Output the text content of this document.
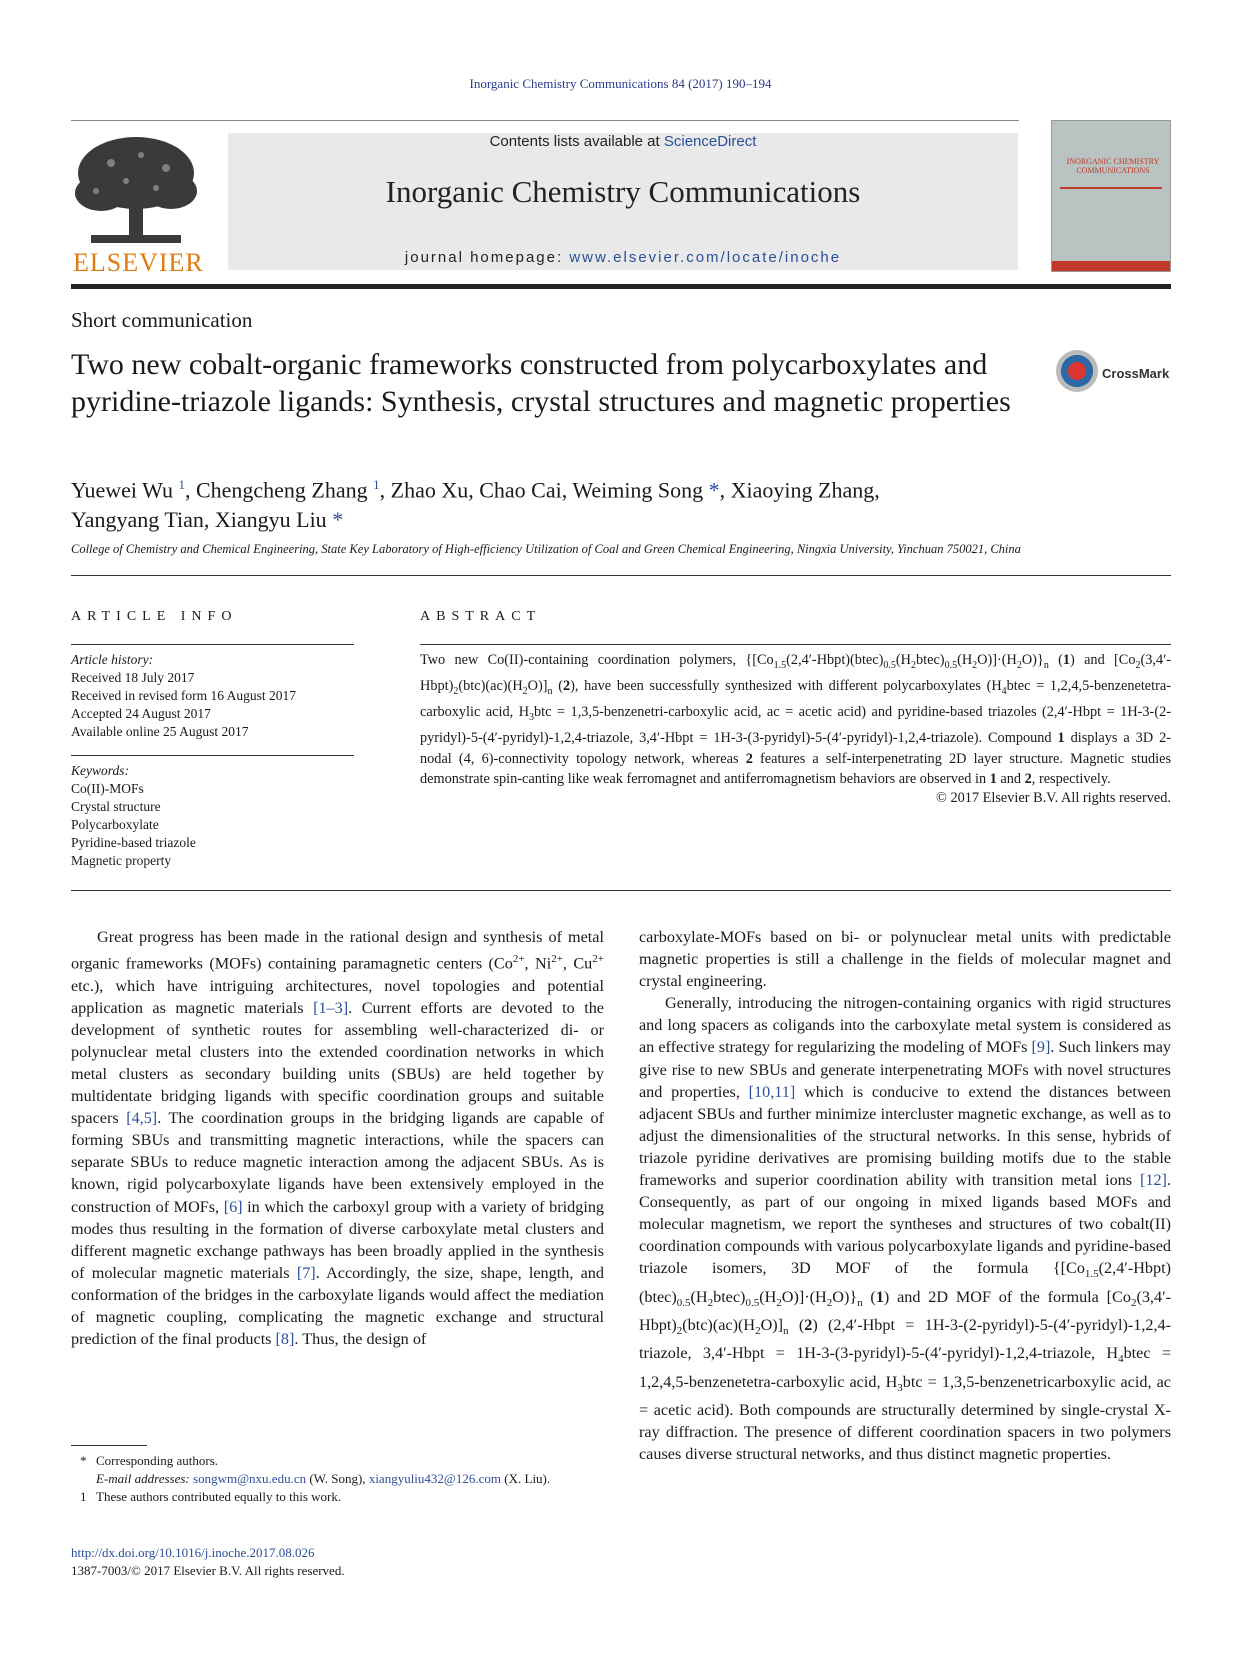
Inorganic Chemistry Communications 84 (2017) 190–194
ELSEVIER
Contents lists available at ScienceDirect
Inorganic Chemistry Communications
journal homepage: www.elsevier.com/locate/inoche
INORGANIC CHEMISTRY COMMUNICATIONS
Short communication
Two new cobalt-organic frameworks constructed from polycarboxylates and pyridine-triazole ligands: Synthesis, crystal structures and magnetic properties
CrossMark
Yuewei Wu $^1$, Chengcheng Zhang $^1$, Zhao Xu, Chao Cai, Weiming Song *, Xiaoying Zhang,
Yangyang Tian, Xiangyu Liu *
College of Chemistry and Chemical Engineering, State Key Laboratory of High-efficiency Utilization of Coal and Green Chemical Engineering, Ningxia University, Yinchuan 750021, China
ARTICLE INFO	ABSTRACT
Article history:
Received 18 July 2017
Received in revised form 16 August 2017
Accepted 24 August 2017
Available online 25 August 2017
Keywords:
Co(II)-MOFs
Crystal structure
Polycarboxylate
Pyridine-based triazole
Magnetic property
Two new Co(II)-containing coordination polymers, $\{[Co_{1.5}(2,4'-Hbpt)(btec)_{0.5}(H_2btec)_{0.5}(H_2O)]\cdot(H_2O)\}_n$ (1) and $[Co_2(3,4'-Hbpt)_2(btc)(ac)(H_2O)]_n$ (2), have been successfully synthesized with different polycarboxylates ($H_4btec$ = 1,2,4,5-benzenetetra-carboxylic acid, $H_3btc$ = 1,3,5-benzenetri-carboxylic acid, ac = acetic acid) and pyridine-based triazoles (2,4′-Hbpt = 1H-3-(2-pyridyl)-5-(4′-pyridyl)-1,2,4-triazole, 3,4′-Hbpt = 1H-3-(3-pyridyl)-5-(4′-pyridyl)-1,2,4-triazole). Compound 1 displays a 3D 2-nodal (4, 6)-connectivity topology network, whereas 2 features a self-interpenetrating 2D layer structure. Magnetic studies demonstrate spin-canting like weak ferromagnet and antiferromagnetism behaviors are observed in 1 and 2, respectively.
© 2017 Elsevier B.V. All rights reserved.

Great progress has been made in the rational design and synthesis of metal organic frameworks (MOFs) containing paramagnetic centers ($Co^{2+}$, $Ni^{2+}$, $Cu^{2+}$ etc.), which have intriguing architectures, novel topologies and potential application as magnetic materials [1–3]. Current efforts are devoted to the development of synthetic routes for assembling well-characterized di- or polynuclear metal clusters into the extended coordination networks in which metal clusters as secondary building units (SBUs) are held together by multidentate bridging ligands with specific coordination groups and suitable spacers [4,5]. The coordination groups in the bridging ligands are capable of forming SBUs and transmitting magnetic interactions, while the spacers can separate SBUs to reduce magnetic interaction among the adjacent SBUs. As is known, rigid polycarboxylate ligands have been extensively employed in the construction of MOFs, [6] in which the carboxyl group with a variety of bridging modes thus resulting in the formation of diverse carboxylate metal clusters and different magnetic exchange pathways has been broadly applied in the synthesis of molecular magnetic materials [7]. Accordingly, the size, shape, length, and conformation of the bridges in the carboxylate ligands would affect the mediation of magnetic coupling, complicating the magnetic exchange and structural prediction of the final products [8]. Thus, the design of

carboxylate-MOFs based on bi- or polynuclear metal units with predictable magnetic properties is still a challenge in the fields of molecular magnet and crystal engineering.

Generally, introducing the nitrogen-containing organics with rigid structures and long spacers as coligands into the carboxylate metal system is considered as an effective strategy for regularizing the modeling of MOFs [9]. Such linkers may give rise to new SBUs and generate interpenetrating MOFs with novel structures and properties, [10,11] which is conducive to extend the distances between adjacent SBUs and further minimize intercluster magnetic exchange, as well as to adjust the dimensionalities of the structural networks. In this sense, hybrids of triazole pyridine derivatives are promising building motifs due to the stable frameworks and superior coordination ability with transition metal ions [12]. Consequently, as part of our ongoing in mixed ligands based MOFs and molecular magnetism, we report the syntheses and structures of two cobalt(II) coordination compounds with various polycarboxylate ligands and pyridine-based triazole isomers, 3D MOF of the formula $\{[Co_{1.5}(2,4'-Hbpt)(btec)_{0.5}(H_2btec)_{0.5}(H_2O)]\cdot(H_2O)\}_n$ (1) and 2D MOF of the formula $[Co_2(3,4'-Hbpt)_2(btc)(ac)(H_2O)]_n$ (2) (2,4′-Hbpt = 1H-3-(2-pyridyl)-5-(4′-pyridyl)-1,2,4-triazole, 3,4′-Hbpt = 1H-3-(3-pyridyl)-5-(4′-pyridyl)-1,2,4-triazole, $H_4btec$ = 1,2,4,5-benzenetetra-carboxylic acid, $H_3btc$ = 1,3,5-benzenetricarboxylic acid, ac = acetic acid). Both compounds are structurally determined by single-crystal X-ray diffraction. The presence of different coordination spacers in two polymers causes diverse structural networks, and thus distinct magnetic properties.

* Corresponding authors.
E-mail addresses: songwm@nxu.edu.cn (W. Song), xiangyuliu432@126.com (X. Liu).
1 These authors contributed equally to this work.
http://dx.doi.org/10.1016/j.inoche.2017.08.026
1387-7003/© 2017 Elsevier B.V. All rights reserved.
